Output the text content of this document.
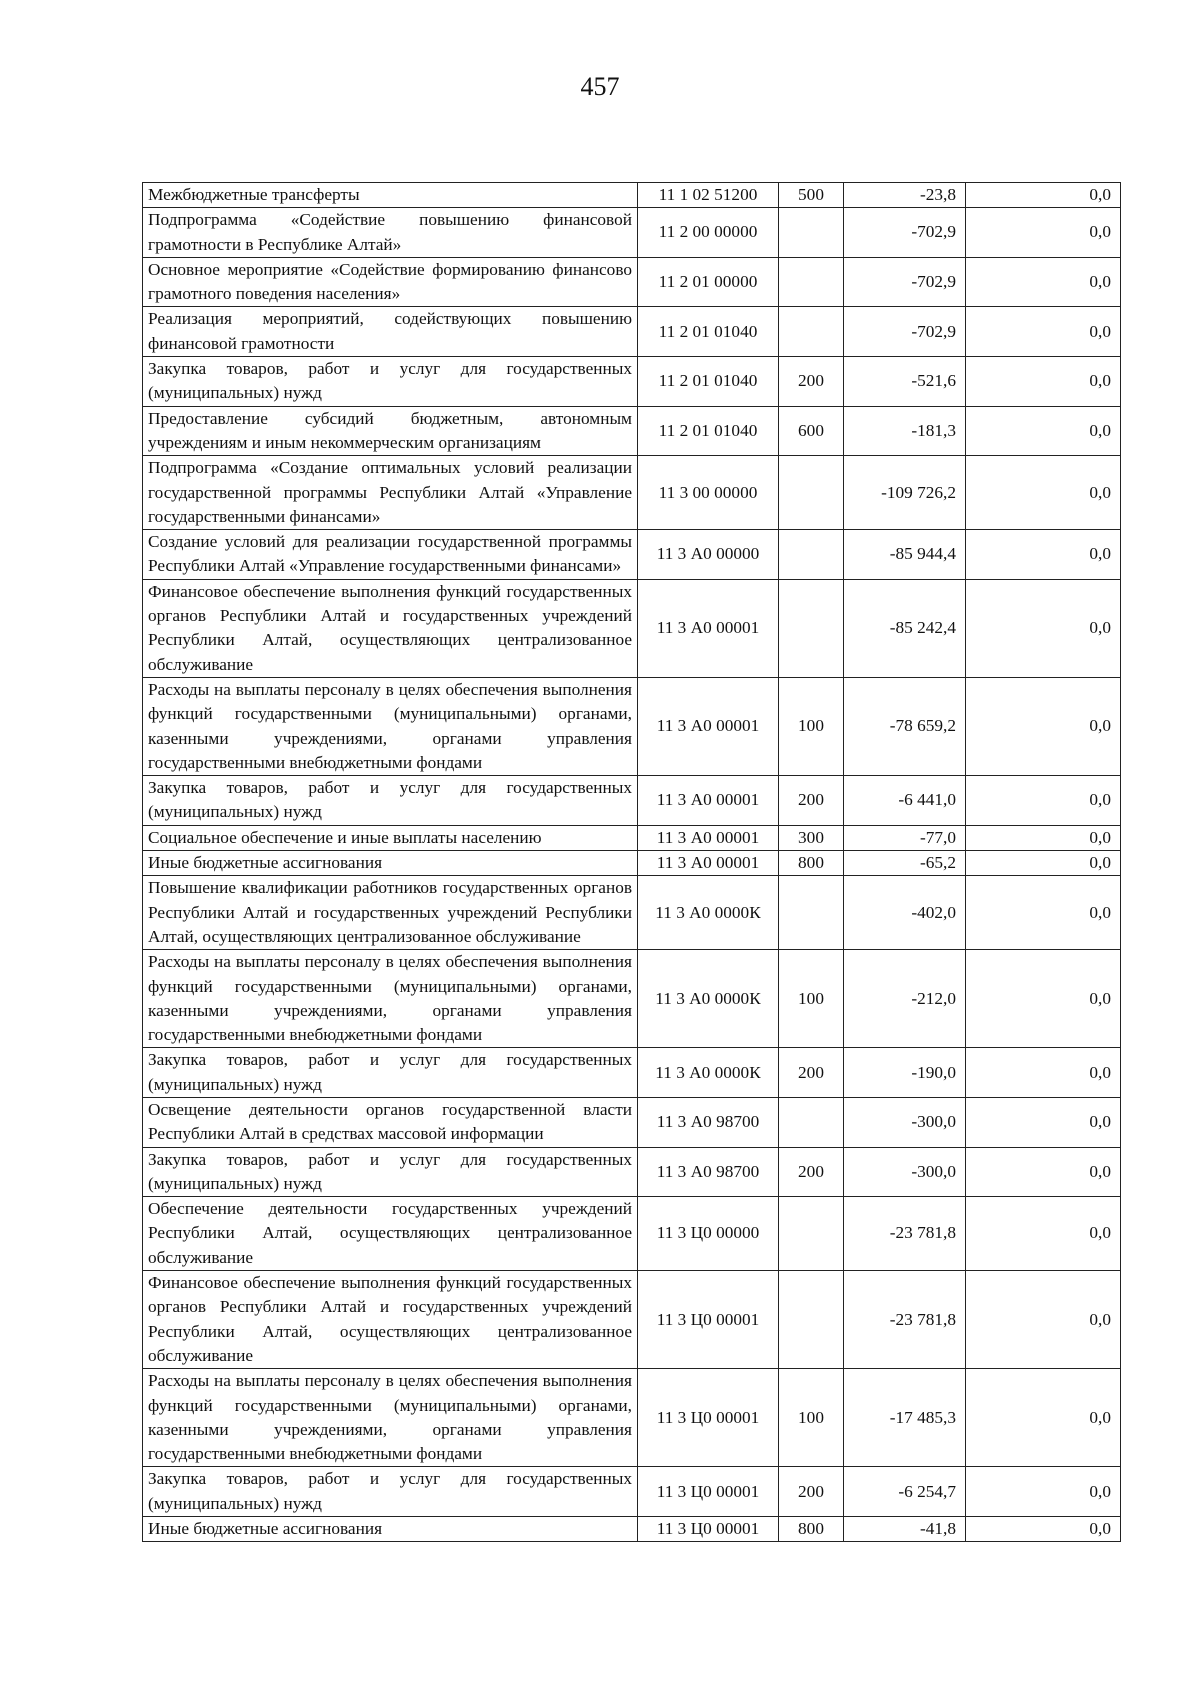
457
Межбюджетные трансферты	11 1 02 51200	500	-23,8	0,0
Подпрограмма «Содействие повышению финансовой грамотности в Республике Алтай»	11 2 00 00000		-702,9	0,0
Основное мероприятие «Содействие формированию финансово грамотного поведения населения»	11 2 01 00000		-702,9	0,0
Реализация мероприятий, содействующих повышению финансовой грамотности	11 2 01 01040		-702,9	0,0
Закупка товаров, работ и услуг для государственных (муниципальных) нужд	11 2 01 01040	200	-521,6	0,0
Предоставление субсидий бюджетным, автономным учреждениям и иным некоммерческим организациям	11 2 01 01040	600	-181,3	0,0
Подпрограмма «Создание оптимальных условий реализации государственной программы Республики Алтай «Управление государственными финансами»	11 3 00 00000		-109 726,2	0,0
Создание условий для реализации государственной программы Республики Алтай «Управление государственными финансами»	11 3 А0 00000		-85 944,4	0,0
Финансовое обеспечение выполнения функций государственных органов Республики Алтай и государственных учреждений Республики Алтай, осуществляющих централизованное обслуживание	11 3 А0 00001		-85 242,4	0,0
Расходы на выплаты персоналу в целях обеспечения выполнения функций государственными (муниципальными) органами, казенными учреждениями, органами управления государственными внебюджетными фондами	11 3 А0 00001	100	-78 659,2	0,0
Закупка товаров, работ и услуг для государственных (муниципальных) нужд	11 3 А0 00001	200	-6 441,0	0,0
Социальное обеспечение и иные выплаты населению	11 3 А0 00001	300	-77,0	0,0
Иные бюджетные ассигнования	11 3 А0 00001	800	-65,2	0,0
Повышение квалификации работников государственных органов Республики Алтай и государственных учреждений Республики Алтай, осуществляющих централизованное обслуживание	11 3 А0 0000К		-402,0	0,0
Расходы на выплаты персоналу в целях обеспечения выполнения функций государственными (муниципальными) органами, казенными учреждениями, органами управления государственными внебюджетными фондами	11 3 А0 0000К	100	-212,0	0,0
Закупка товаров, работ и услуг для государственных (муниципальных) нужд	11 3 А0 0000К	200	-190,0	0,0
Освещение деятельности органов государственной власти Республики Алтай в средствах массовой информации	11 3 А0 98700		-300,0	0,0
Закупка товаров, работ и услуг для государственных (муниципальных) нужд	11 3 А0 98700	200	-300,0	0,0
Обеспечение деятельности государственных учреждений Республики Алтай, осуществляющих централизованное обслуживание	11 3 Ц0 00000		-23 781,8	0,0
Финансовое обеспечение выполнения функций государственных органов Республики Алтай и государственных учреждений Республики Алтай, осуществляющих централизованное обслуживание	11 3 Ц0 00001		-23 781,8	0,0
Расходы на выплаты персоналу в целях обеспечения выполнения функций государственными (муниципальными) органами, казенными учреждениями, органами управления государственными внебюджетными фондами	11 3 Ц0 00001	100	-17 485,3	0,0
Закупка товаров, работ и услуг для государственных (муниципальных) нужд	11 3 Ц0 00001	200	-6 254,7	0,0
Иные бюджетные ассигнования	11 3 Ц0 00001	800	-41,8	0,0
